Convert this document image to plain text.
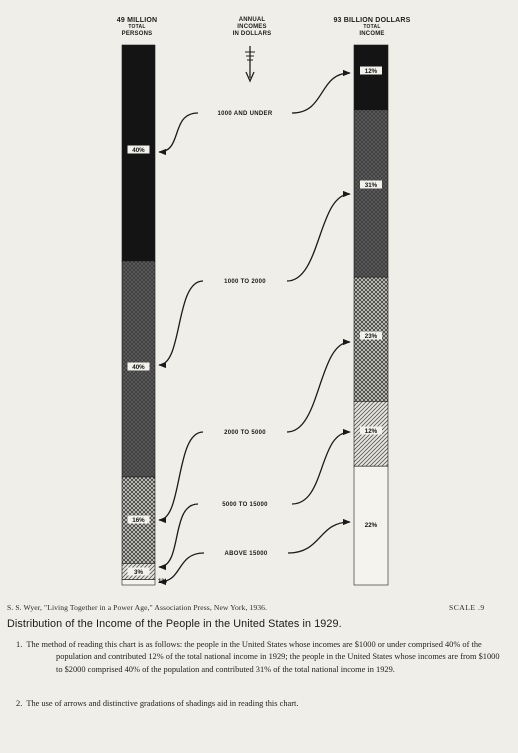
40%
40%
16%
3%
1%
12%
31%
23%
12%
22%
1000 AND UNDER
1000 TO 2000
2000 TO 5000
5000 TO 15000
ABOVE 15000
49 MILLION
TOTAL
PERSONS
ANNUAL
INCOMES
IN DOLLARS
93 BILLION DOLLARS
TOTAL
INCOME
S. S. Wyer, "Living Together in a Power Age," Association Press, New York, 1936.	SCALE .9
Distribution of the Income of the People in the United States in 1929.
1. The method of reading this chart is as follows: the people in the United States whose incomes are $1000 or under comprised 40% of the population and contributed 12% of the total national income in 1929; the people in the United States whose incomes are from $1000 to $2000 comprised 40% of the population and contributed 31% of the total national income in 1929.
2. The use of arrows and distinctive gradations of shadings aid in reading this chart.
